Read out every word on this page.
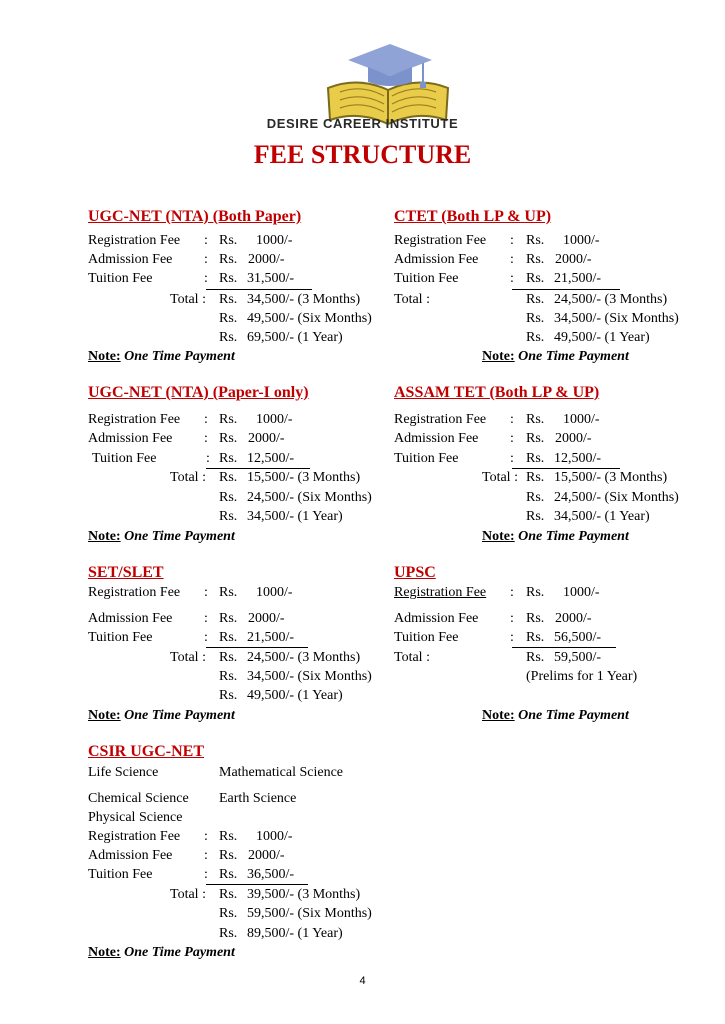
DESIRE CAREER INSTITUTE
FEE STRUCTURE
UGC-NET (NTA) (Both Paper)
Registration Fee : Rs. 1000/-
Admission Fee : Rs. 2000/-
Tuition Fee	: Rs. 31,500/-
Total : Rs. 34,500/- (3 Months)
Rs. 49,500/- (Six Months)
Rs. 69,500/- (1 Year)
Note: One Time Payment
CTET (Both LP & UP)
Registration Fee : Rs. 1000/-
Admission Fee : Rs. 2000/-
Tuition Fee	: Rs. 21,500/-
Total :	Rs. 24,500/- (3 Months)
Rs. 34,500/- (Six Months)
Rs. 49,500/- (1 Year)
Note: One Time Payment
UGC-NET (NTA) (Paper-I only)
Registration Fee : Rs. 1000/-
Admission Fee : Rs. 2000/-
Tuition Fee	: Rs. 12,500/-
Total : Rs. 15,500/- (3 Months)
Rs. 24,500/- (Six Months)
Rs. 34,500/- (1 Year)
Note: One Time Payment
ASSAM TET (Both LP & UP)
Registration Fee : Rs. 1000/-
Admission Fee : Rs. 2000/-
Tuition Fee	: Rs. 12,500/-
Total : Rs. 15,500/- (3 Months)
Rs. 24,500/- (Six Months)
Rs. 34,500/- (1 Year)
Note: One Time Payment
SET/SLET
Registration Fee : Rs. 1000/-
Admission Fee : Rs. 2000/-
Tuition Fee	: Rs. 21,500/-
Total : Rs. 24,500/- (3 Months)
Rs. 34,500/- (Six Months)
Rs. 49,500/- (1 Year)
Note: One Time Payment
UPSC
Registration Fee : Rs. 1000/-
Admission Fee : Rs. 2000/-
Tuition Fee	: Rs. 56,500/-
Total :	Rs. 59,500/-
(Prelims for 1 Year)
Note: One Time Payment
CSIR UGC-NET
Life Science	Mathematical Science
Chemical Science Earth Science
Physical Science
Registration Fee : Rs. 1000/-
Admission Fee : Rs. 2000/-
Tuition Fee	: Rs. 36,500/-
Total : Rs. 39,500/- (3 Months)
Rs. 59,500/- (Six Months)
Rs. 89,500/- (1 Year)
Note: One Time Payment
4
